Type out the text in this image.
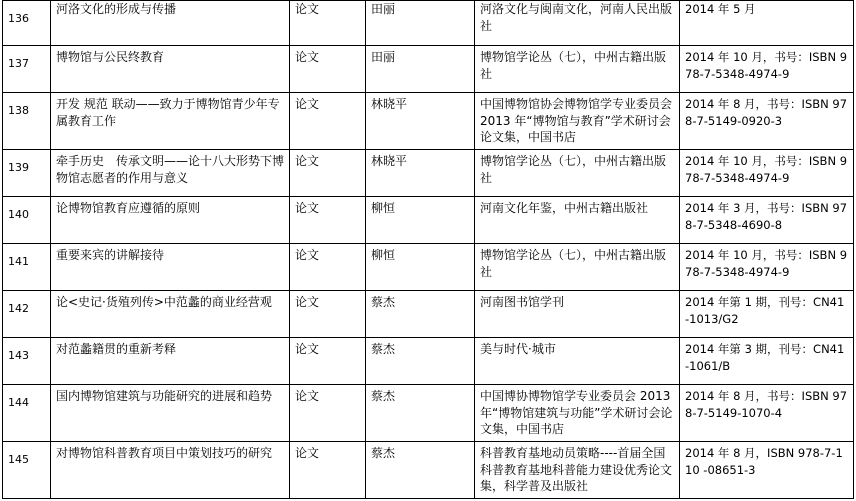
136	河洛文化的形成与传播	论文	田丽	河洛文化与闽南文化，河南人民出版社	2014 年 5 月
137	博物馆与公民终教育	论文	田丽	博物馆学论丛（七），中州古籍出版社	2014 年 10 月，书号：ISBN 978-7-5348-4974-9
138	开发 规范 联动——致力于博物馆青少年专属教育工作	论文	林晓平	中国博物馆协会博物馆学专业委员会 2013 年“博物馆与教育”学术研讨会论文集，中国书店	2014 年 8 月，书号：ISBN 978-7-5149-0920-3
139	牵手历史　传承文明——论十八大形势下博物馆志愿者的作用与意义	论文	林晓平	博物馆学论丛（七），中州古籍出版社	2014 年 10 月，书号：ISBN 978-7-5348-4974-9
140	论博物馆教育应遵循的原则	论文	柳恒	河南文化年鉴，中州古籍出版社	2014 年 3 月，书号：ISBN 978-7-5348-4690-8
141	重要来宾的讲解接待	论文	柳恒	博物馆学论丛（七），中州古籍出版社	2014 年 10 月，书号：ISBN 978-7-5348-4974-9
142	论<史记·货殖列传>中范蠡的商业经营观	论文	蔡杰	河南图书馆学刊	2014 年第 1 期，刊号：CN41 -1013/G2
143	对范蠡籍贯的重新考释	论文	蔡杰	美与时代·城市	2014 年第 3 期，刊号：CN41 -1061/B
144	国内博物馆建筑与功能研究的进展和趋势	论文	蔡杰	中国博协博物馆学专业委员会 2013 年“博物馆建筑与功能”学术研讨会论文集，中国书店	2014 年 8 月，书号：ISBN 978-7-5149-1070-4
145	对博物馆科普教育项目中策划技巧的研究	论文	蔡杰	科普教育基地动员策略----首届全国科普教育基地科普能力建设优秀论文集，科学普及出版社	2014 年 8 月，ISBN 978-7-110 -08651-3
